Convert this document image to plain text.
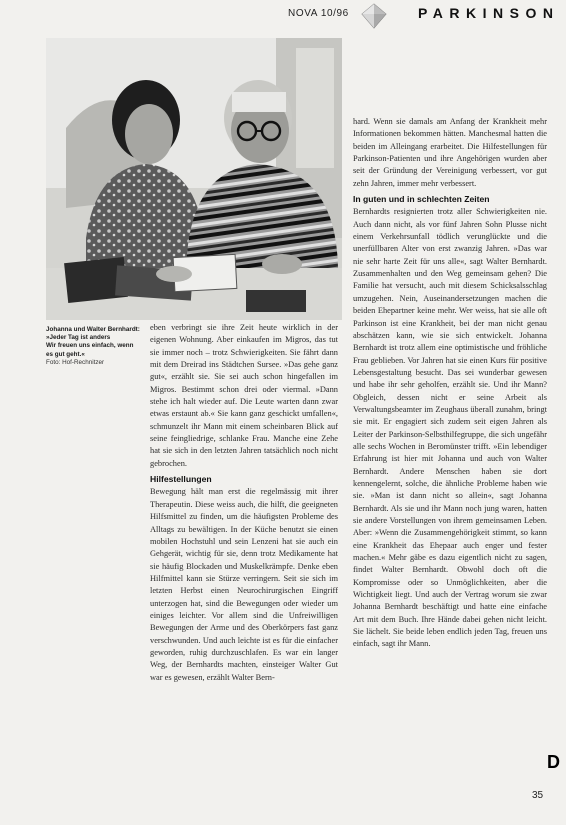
NOVA 10/96	PARKINSON
Johanna und Walter Bernhardt:
»Jeder Tag ist anders
Wir freuen uns einfach, wenn
es gut geht.«
Foto: Hof-Rechnitzer

eben verbringt sie ihre Zeit heute wirklich in der eigenen Wohnung. Aber einkaufen im Migros, das tut sie immer noch – trotz Schwierigkeiten. Sie fährt dann mit dem Dreirad ins Städtchen Sursee. »Das gehe ganz gut«, erzählt sie. Sie sei auch schon hingefallen im Migros. Bestimmt schon drei oder viermal. »Dann stehe ich halt wieder auf. Die Leute warten dann zwar etwas erstaunt ab.« Sie kann ganz geschickt umfallen«, schmunzelt ihr Mann mit einem scheinbaren Blick auf seine feingliedrige, schlanke Frau. Manche eine Zehe hat sie sich in den letzten Jahren tatsächlich noch nicht gebrochen.

Hilfestellungen

Bewegung hält man erst die regelmässig mit ihrer Therapeutin. Diese weiss auch, die hilft, die geeigneten Hilfsmittel zu finden, um die häufigsten Probleme des Alltags zu bewältigen. In der Küche benutzt sie einen mobilen Hochstuhl und sein Lenzeni hat sie auch ein Gehgerät, wichtig für sie, denn trotz Medikamente hat sie häufig Blockaden und Muskelkrämpfe. Denke eben Hilfmittel kann sie Stürze verringern. Seit sie sich im letzten Herbst einen Neurochirurgischen Eingriff unterzogen hat, sind die Bewegungen oder wieder um einiges leichter. Vor allem sind die Unfreiwilligen Bewegungen der Arme und des Oberkörpers fast ganz verschwunden. Und auch leichte ist es für die einfacher geworden, ruhig durchzuschlafen. Es war ein langer Weg, der Bernhardts machten, einsteiger Walter Gut war es gewesen, erzählt Walter Bern-

hard. Wenn sie damals am Anfang der Krankheit mehr Informationen bekommen hätten. Manchesmal hatten die beiden im Alleingang erarbeitet. Die Hilfestellungen für Parkinson-Patienten und ihre Angehörigen wurden aber seit der Gründung der Vereinigung verbessert, vor gut zehn Jahren, immer mehr verbessert.

In guten und in schlechten Zeiten

Bernhardts resignierten trotz aller Schwierigkeiten nie. Auch dann nicht, als vor fünf Jahren Sohn Plusse nicht einem Verkehrsunfall tödlich verunglückte und die unerfüllbaren Alter von erst zwanzig Jahren. »Das war nie sehr harte Zeit für uns alle«, sagt Walter Bernhardt. Zusammenhalten und den Weg gemeinsam gehen? Die Familie hat versucht, auch mit diesem Schicksalsschlag umzugehen. Nein, Auseinandersetzungen machen die beiden Ehepartner keine mehr. Wer weiss, hat sie alle oft Parkinson ist eine Krankheit, bei der man nicht genau abschätzen kann, wie sie sich entwickelt. Johanna Bernhardt ist trotz allem eine optimistische und fröhliche Frau geblieben. Vor Jahren hat sie einen Kurs für positive Lebensgestaltung besucht. Das sei wunderbar gewesen und habe ihr sehr geholfen, erzählt sie. Und ihr Mann? Obgleich, dessen nicht er seine Arbeit als Verwaltungsbeamter im Zeughaus überall zunahm, bringt sie mit. Er engagiert sich zudem seit eigen Jahren als Leiter der Parkinson-Selbsthilfegruppe, die sich ungefähr alle sechs Wochen in Beromünster trifft. »Ein lebendiger Erfahrung ist hier mit Johanna und auch von Walter Bernhardt. Andere Menschen haben sie dort kennengelernt, solche, die ähnliche Probleme haben wie sie. »Man ist dann nicht so allein«, sagt Johanna Bernhardt. Als sie und ihr Mann noch jung waren, hatten sie andere Vorstellungen von ihrem gemeinsamen Leben. Aber: »Wenn die Zusammengehörigkeit stimmt, so kann eine Krankheit das Ehepaar auch enger und fester machen.« Mehr gäbe es dazu eigentlich nicht zu sagen, findet Walter Bernhardt. Obwohl doch oft die Kompromisse oder so Unmöglichkeiten, aber die Wichtigkeit liegt. Und auch der Vertrag worum sie zwar Johanna Bernhardt beschäftigt und hatte eine einfache Art mit dem Buch. Ihre Hände dabei gehen nicht leicht. Sie lächelt. Sie beide leben endlich jeden Tag, freuen uns einfach, sagt ihr Mann.

D
35
